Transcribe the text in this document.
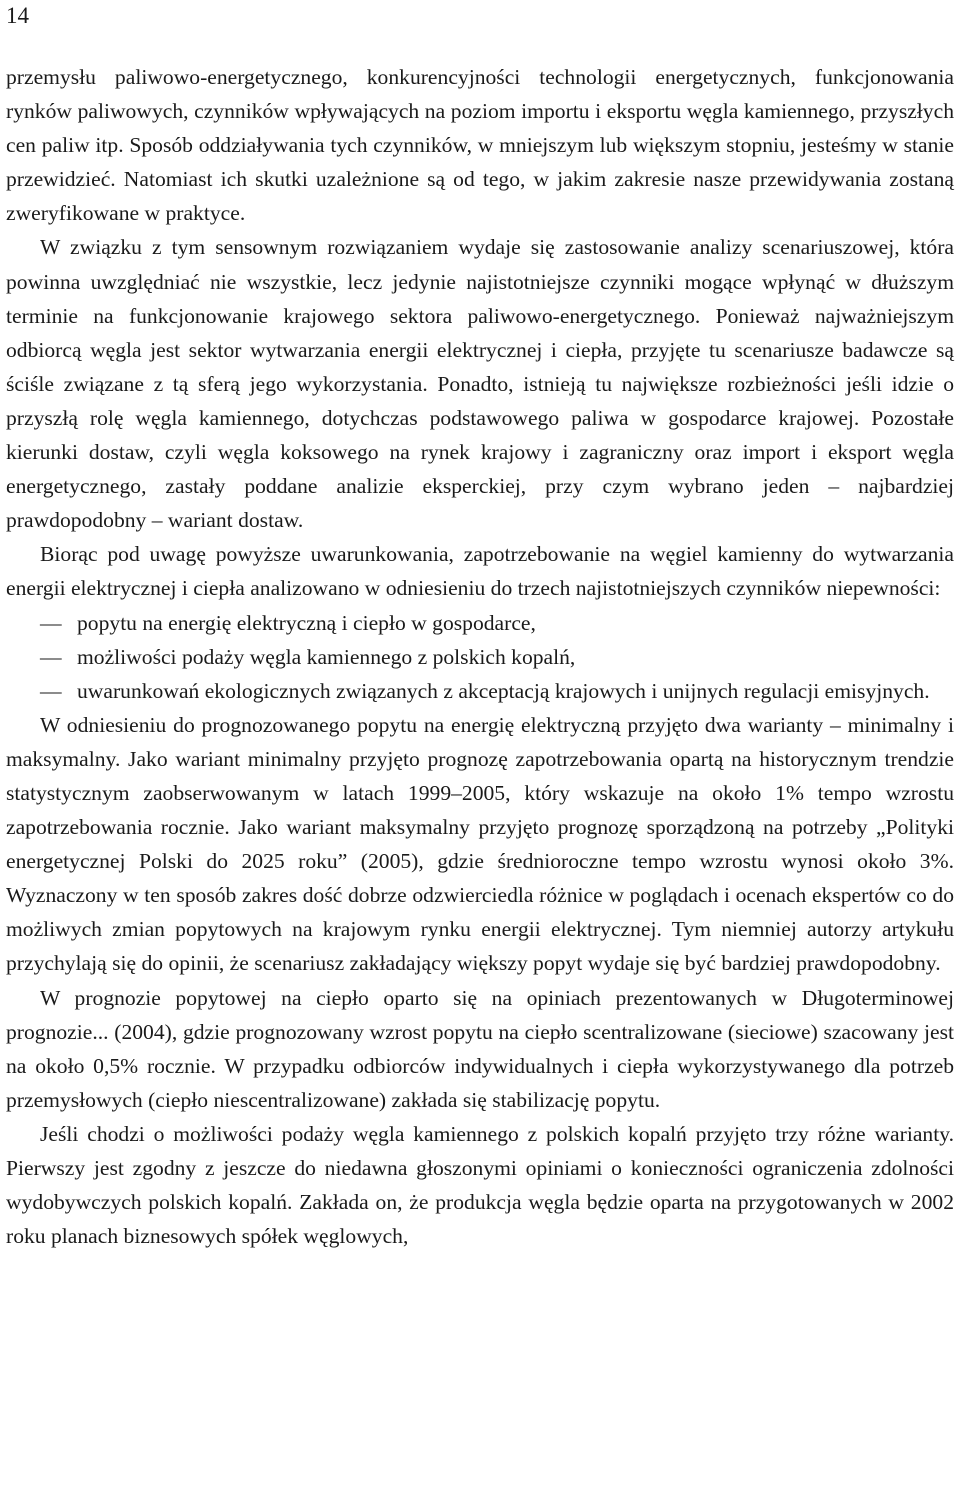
14

przemysłu paliwowo-energetycznego, konkurencyjności technologii energetycznych, funkcjonowania rynków paliwowych, czynników wpływających na poziom importu i eksportu węgla kamiennego, przyszłych cen paliw itp. Sposób oddziaływania tych czynników, w mniejszym lub większym stopniu, jesteśmy w stanie przewidzieć. Natomiast ich skutki uzależnione są od tego, w jakim zakresie nasze przewidywania zostaną zweryfikowane w praktyce.

W związku z tym sensownym rozwiązaniem wydaje się zastosowanie analizy scenariuszowej, która powinna uwzględniać nie wszystkie, lecz jedynie najistotniejsze czynniki mogące wpłynąć w dłuższym terminie na funkcjonowanie krajowego sektora paliwowo-energetycznego. Ponieważ najważniejszym odbiorcą węgla jest sektor wytwarzania energii elektrycznej i ciepła, przyjęte tu scenariusze badawcze są ściśle związane z tą sferą jego wykorzystania. Ponadto, istnieją tu największe rozbieżności jeśli idzie o przyszłą rolę węgla kamiennego, dotychczas podstawowego paliwa w gospodarce krajowej. Pozostałe kierunki dostaw, czyli węgla koksowego na rynek krajowy i zagraniczny oraz import i eksport węgla energetycznego, zastały poddane analizie eksperckiej, przy czym wybrano jeden – najbardziej prawdopodobny – wariant dostaw.

Biorąc pod uwagę powyższe uwarunkowania, zapotrzebowanie na węgiel kamienny do wytwarzania energii elektrycznej i ciepła analizowano w odniesieniu do trzech najistotniejszych czynników niepewności:

— popytu na energię elektryczną i ciepło w gospodarce,
— możliwości podaży węgla kamiennego z polskich kopalń,
— uwarunkowań ekologicznych związanych z akceptacją krajowych i unijnych regulacji emisyjnych.

W odniesieniu do prognozowanego popytu na energię elektryczną przyjęto dwa warianty – minimalny i maksymalny. Jako wariant minimalny przyjęto prognozę zapotrzebowania opartą na historycznym trendzie statystycznym zaobserwowanym w latach 1999–2005, który wskazuje na około 1% tempo wzrostu zapotrzebowania rocznie. Jako wariant maksymalny przyjęto prognozę sporządzoną na potrzeby „Polityki energetycznej Polski do 2025 roku” (2005), gdzie średnioroczne tempo wzrostu wynosi około 3%. Wyznaczony w ten sposób zakres dość dobrze odzwierciedla różnice w poglądach i ocenach ekspertów co do możliwych zmian popytowych na krajowym rynku energii elektrycznej. Tym niemniej autorzy artykułu przychylają się do opinii, że scenariusz zakładający większy popyt wydaje się być bardziej prawdopodobny.

W prognozie popytowej na ciepło oparto się na opiniach prezentowanych w Długoterminowej prognozie... (2004), gdzie prognozowany wzrost popytu na ciepło scentralizowane (sieciowe) szacowany jest na około 0,5% rocznie. W przypadku odbiorców indywidualnych i ciepła wykorzystywanego dla potrzeb przemysłowych (ciepło niescentralizowane) zakłada się stabilizację popytu.

Jeśli chodzi o możliwości podaży węgla kamiennego z polskich kopalń przyjęto trzy różne warianty. Pierwszy jest zgodny z jeszcze do niedawna głoszonymi opiniami o konieczności ograniczenia zdolności wydobywczych polskich kopalń. Zakłada on, że produkcja węgla będzie oparta na przygotowanych w 2002 roku planach biznesowych spółek węglowych,
